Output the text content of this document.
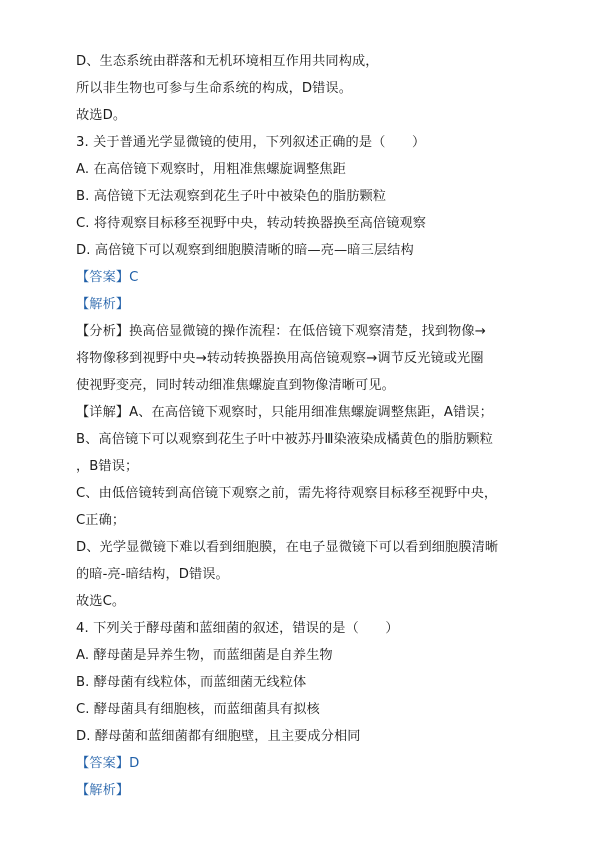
D、生态系统由群落和无机环境相互作用共同构成，
所以非生物也可参与生命系统的构成，D错误。
故选D。
3. 关于普通光学显微镜的使用，下列叙述正确的是（　　）
A. 在高倍镜下观察时，用粗准焦螺旋调整焦距
B. 高倍镜下无法观察到花生子叶中被染色的脂肪颗粒
C. 将待观察目标移至视野中央，转动转换器换至高倍镜观察
D. 高倍镜下可以观察到细胞膜清晰的暗—亮—暗三层结构
【答案】C
【解析】
【分析】换高倍显微镜的操作流程：在低倍镜下观察清楚，找到物像→
将物像移到视野中央→转动转换器换用高倍镜观察→调节反光镜或光圈
使视野变亮，同时转动细准焦螺旋直到物像清晰可见。
【详解】A、在高倍镜下观察时，只能用细准焦螺旋调整焦距，A错误；
B、高倍镜下可以观察到花生子叶中被苏丹Ⅲ染液染成橘黄色的脂肪颗粒
，B错误；
C、由低倍镜转到高倍镜下观察之前，需先将待观察目标移至视野中央，
C正确；
D、光学显微镜下难以看到细胞膜，在电子显微镜下可以看到细胞膜清晰
的暗-亮-暗结构，D错误。
故选C。
4. 下列关于酵母菌和蓝细菌的叙述，错误的是（　　）
A. 酵母菌是异养生物，而蓝细菌是自养生物
B. 酵母菌有线粒体，而蓝细菌无线粒体
C. 酵母菌具有细胞核，而蓝细菌具有拟核
D. 酵母菌和蓝细菌都有细胞壁，且主要成分相同
【答案】D
【解析】
